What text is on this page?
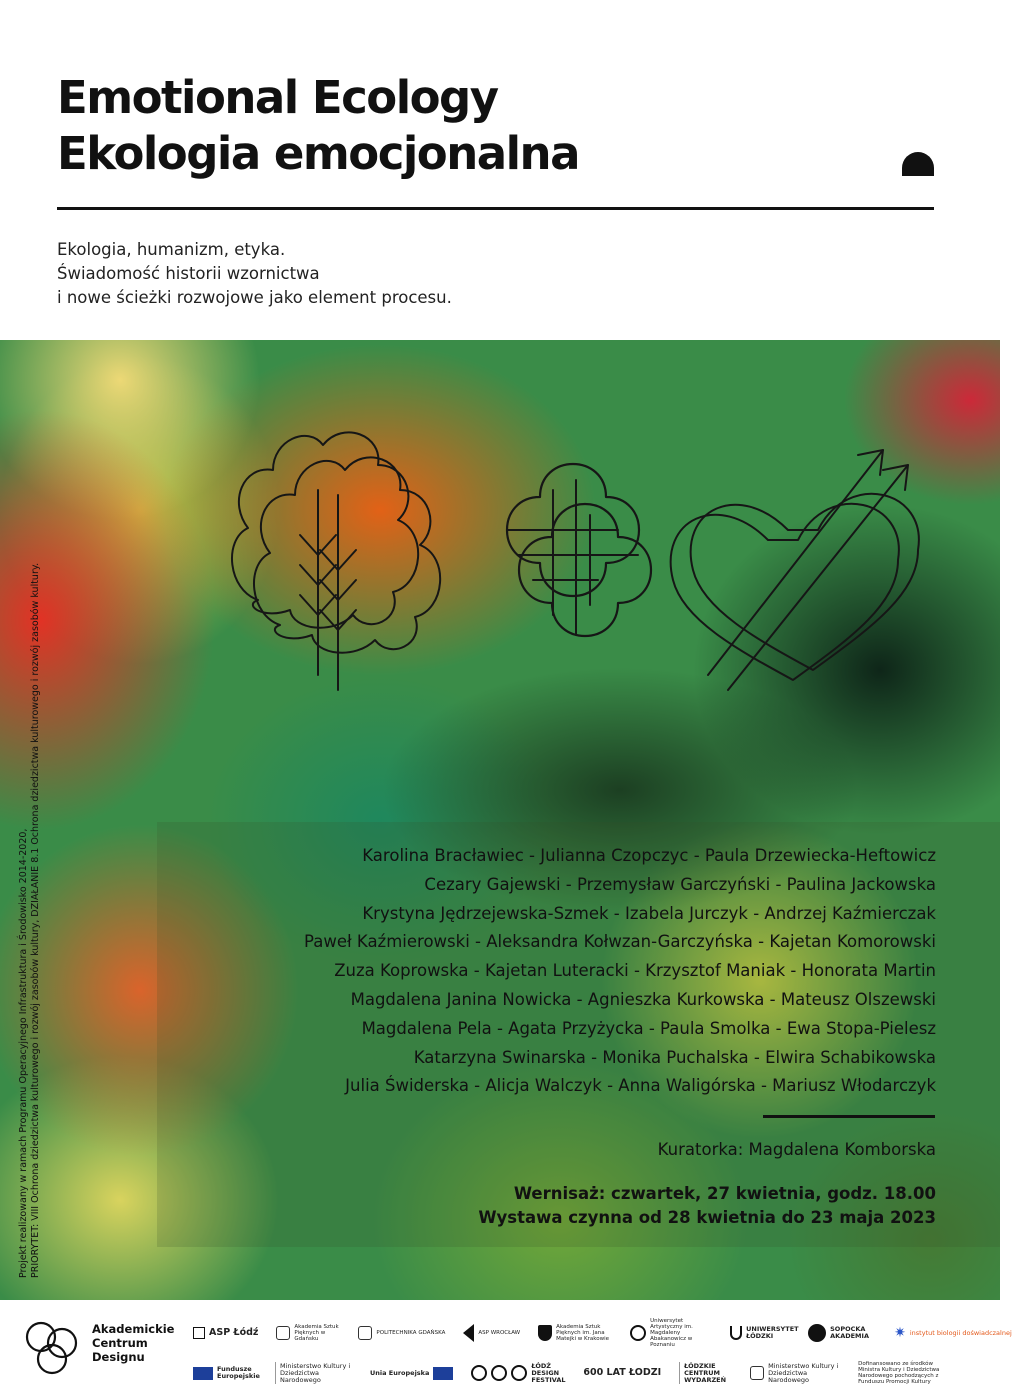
Emotional Ecology
Ekologia emocjonalna
Ekologia, humanizm, etyka.
Świadomość historii wzornictwa
i nowe ścieżki rozwojowe jako element procesu.
Projekt realizowany w ramach Programu Operacyjnego Infrastruktura i Środowisko 2014-2020, PRIORYTET: VIII Ochrona dziedzictwa kulturowego i rozwój zasobów kultury, DZIAŁANIE 8.1 Ochrona dziedzictwa kulturowego i rozwój zasobów kultury.	Karolina Bracławiec - Julianna Czopczyc - Paula Drzewiecka-Heftowicz
Cezary Gajewski - Przemysław Garczyński - Paulina Jackowska
Krystyna Jędrzejewska-Szmek - Izabela Jurczyk - Andrzej Kaźmierczak
Paweł Kaźmierowski - Aleksandra Kołwzan-Garczyńska - Kajetan Komorowski
Zuza Koprowska - Kajetan Luteracki - Krzysztof Maniak - Honorata Martin
Magdalena Janina Nowicka - Agnieszka Kurkowska - Mateusz Olszewski
Magdalena Pela - Agata Przyżycka - Paula Smolka - Ewa Stopa-Pielesz
Katarzyna Swinarska - Monika Puchalska - Elwira Schabikowska
Julia Świderska - Alicja Walczyk - Anna Waligórska - Mariusz Włodarczyk
Kuratorka: Magdalena Komborska
Wernisaż: czwartek, 27 kwietnia, godz. 18.00
Wystawa czynna od 28 kwietnia do 23 maja 2023
Akademickie
Centrum
Designu
ASP Łódź	Akademia Sztuk Pięknych w Gdańsku
POLITECHNIKA GDAŃSKA	ASP WROCŁAW
Akademia Sztuk Pięknych im. Jana Matejki w Krakowie
Uniwersytet Artystyczny im. Magdaleny Abakanowicz w Poznaniu
UNIWERSYTET ŁÓDZKI
SOPOCKA AKADEMIA	✷ instytut biologii doświadczalnej
Fundusze Europejskie
Ministerstwo Kultury i Dziedzictwa Narodowego
Unia Europejska
ŁÓDŹ DESIGN FESTIVAL
600 LAT ŁODZI
ŁÓDZKIE CENTRUM WYDARZEŃ
Ministerstwo Kultury i Dziedzictwa Narodowego
Dofinansowano ze środków Ministra Kultury i Dziedzictwa Narodowego pochodzących z Funduszu Promocji Kultury
